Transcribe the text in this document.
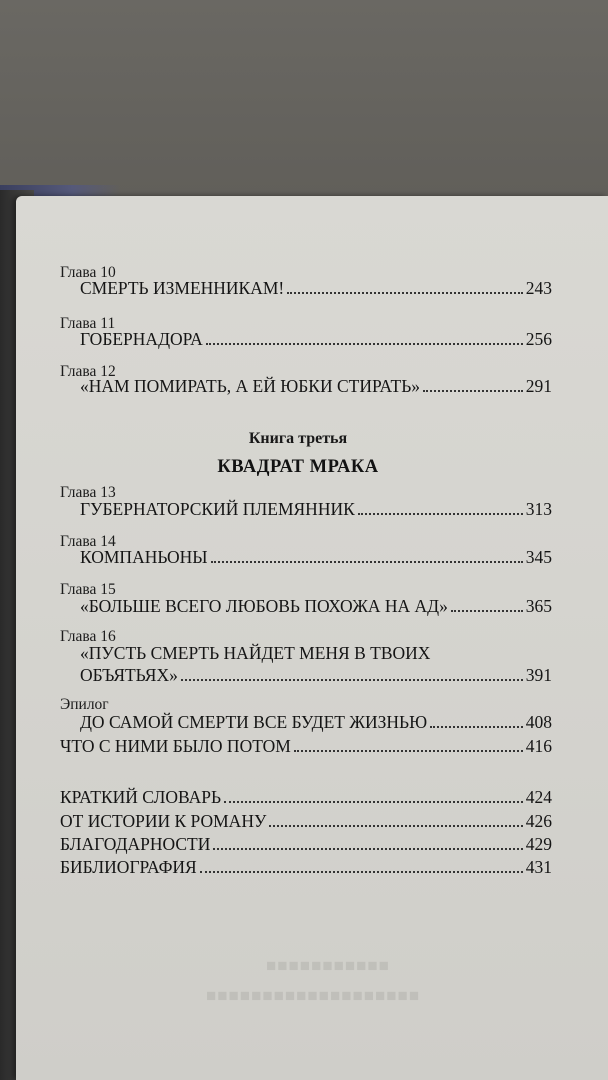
■■■■■■■■■■■
■■■■■■■■■■■■■■■■■■■
Глава 10
СМЕРТЬ ИЗМЕННИКАМ!	243
Глава 11
ГОБЕРНАДОРА	256
Глава 12
«НАМ ПОМИРАТЬ, А ЕЙ ЮБКИ СТИРАТЬ»	291
Книга третья
КВАДРАТ МРАКА
Глава 13
ГУБЕРНАТОРСКИЙ ПЛЕМЯННИК	313
Глава 14
КОМПАНЬОНЫ	345
Глава 15
«БОЛЬШЕ ВСЕГО ЛЮБОВЬ ПОХОЖА НА АД»	365
Глава 16
«ПУСТЬ СМЕРТЬ НАЙДЕТ МЕНЯ В ТВОИХ
ОБЪЯТЬЯХ»	391
Эпилог
ДО САМОЙ СМЕРТИ ВСЕ БУДЕТ ЖИЗНЬЮ	408
ЧТО С НИМИ БЫЛО ПОТОМ	416
КРАТКИЙ СЛОВАРЬ	424
ОТ ИСТОРИИ К РОМАНУ	426
БЛАГОДАРНОСТИ	429
БИБЛИОГРАФИЯ	431
